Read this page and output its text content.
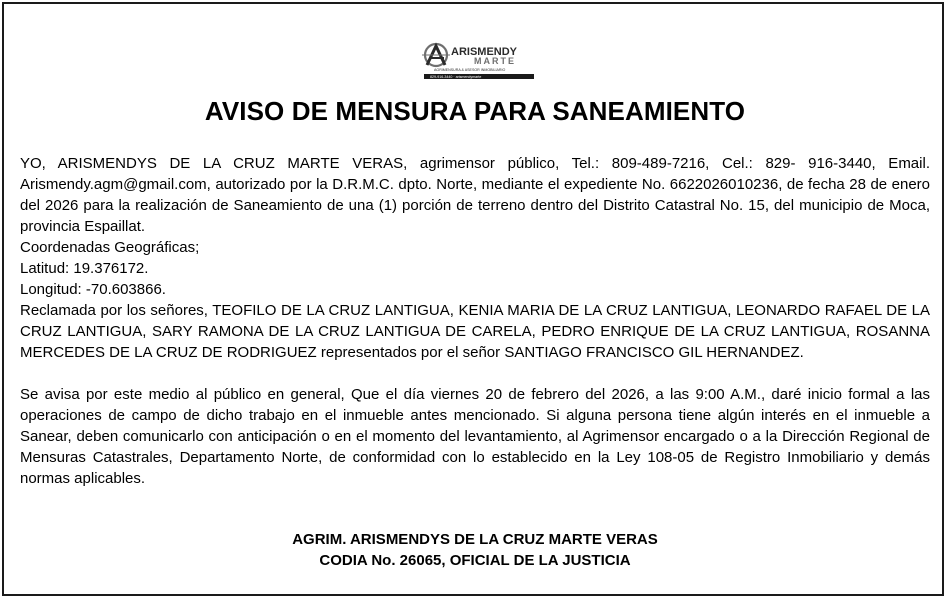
ARISMENDY
MARTE
AGRIMENSURA & ASESOR INMOBILIARIO
829-916-3440 · arismendymarte
AVISO DE MENSURA PARA SANEAMIENTO

YO, ARISMENDYS DE LA CRUZ MARTE VERAS, agrimensor público, Tel.: 809-489-7216, Cel.: 829- 916-3440, Email. Arismendy.agm@gmail.com, autorizado por la D.R.M.C. dpto. Norte, mediante el expediente No. 6622026010236, de fecha 28 de enero del 2026 para la realización de Saneamiento de una (1) porción de terreno dentro del Distrito Catastral No. 15, del municipio de Moca, provincia Espaillat.

Coordenadas Geográficas;

Latitud: 19.376172.

Longitud: -70.603866.

Reclamada por los señores, TEOFILO DE LA CRUZ LANTIGUA, KENIA MARIA DE LA CRUZ LANTIGUA, LEONARDO RAFAEL DE LA CRUZ LANTIGUA, SARY RAMONA DE LA CRUZ LANTIGUA DE CARELA, PEDRO ENRIQUE DE LA CRUZ LANTIGUA, ROSANNA MERCEDES DE LA CRUZ DE RODRIGUEZ representados por el señor SANTIAGO FRANCISCO GIL HERNANDEZ.

Se avisa por este medio al público en general, Que el día viernes 20 de febrero del 2026, a las 9:00 A.M., daré inicio formal a las operaciones de campo de dicho trabajo en el inmueble antes mencionado. Si alguna persona tiene algún interés en el inmueble a Sanear, deben comunicarlo con anticipación o en el momento del levantamiento, al Agrimensor encargado o a la Dirección Regional de Mensuras Catastrales, Departamento Norte, de conformidad con lo establecido en la Ley 108-05 de Registro Inmobiliario y demás normas aplicables.

AGRIM. ARISMENDYS DE LA CRUZ MARTE VERAS
CODIA No. 26065, OFICIAL DE LA JUSTICIA
